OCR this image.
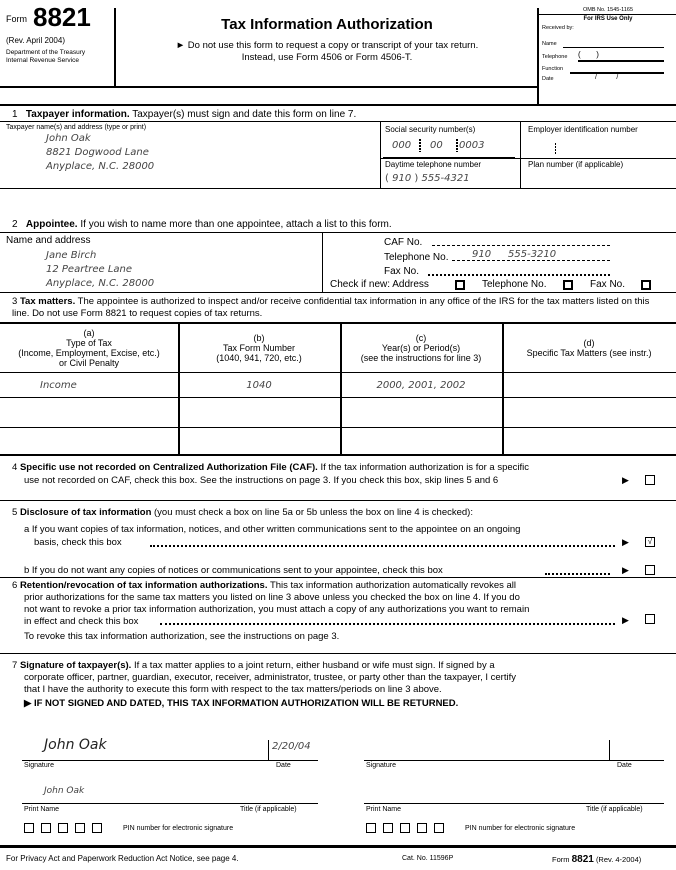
Form 8821
(Rev. April 2004)
Department of the Treasury
Internal Revenue Service
Tax Information Authorization
► Do not use this form to request a copy or transcript of your tax return.
Instead, use Form 4506 or Form 4506-T.
OMB No. 1545-1165
For IRS Use Only
Received by:
Name
Telephone (       )
Function
Date	/          /
1 Taxpayer information. Taxpayer(s) must sign and date this form on line 7.
Taxpayer name(s) and address (type or print)
John Oak
8821 Dogwood Lane
Anyplace, N.C. 28000
Social security number(s)
000 00 0003
Employer identification number
Daytime telephone number
( 910 ) 555-4321
Plan number (if applicable)
2 Appointee. If you wish to name more than one appointee, attach a list to this form.
Name and address
Jane Birch
12 Peartree Lane
Anyplace, N.C. 28000
CAF No.
Telephone No. 910 555-3210
Fax No.
Check if new: Address	Telephone No.	Fax No.
3 Tax matters. The appointee is authorized to inspect and/or receive confidential tax information in any office of the IRS for the tax matters listed on this line. Do not use Form 8821 to request copies of tax returns.
(a)
Type of Tax
(Income, Employment, Excise, etc.)
or Civil Penalty
(b)
Tax Form Number
(1040, 941, 720, etc.)
(c)
Year(s) or Period(s)
(see the instructions for line 3)
(d)
Specific Tax Matters (see instr.)
Income	1040	2000, 2001, 2002
4 Specific use not recorded on Centralized Authorization File (CAF). If the tax information authorization is for a specific
use not recorded on CAF, check this box. See the instructions on page 3. If you check this box, skip lines 5 and 6	▶
5 Disclosure of tax information (you must check a box on line 5a or 5b unless the box on line 4 is checked):
a If you want copies of tax information, notices, and other written communications sent to the appointee on an ongoing
basis, check this box	▶	√
b If you do not want any copies of notices or communications sent to your appointee, check this box	▶
6 Retention/revocation of tax information authorizations. This tax information authorization automatically revokes all
prior authorizations for the same tax matters you listed on line 3 above unless you checked the box on line 4. If you do
not want to revoke a prior tax information authorization, you must attach a copy of any authorizations you want to remain
in effect and check this box	▶
To revoke this tax information authorization, see the instructions on page 3.
7 Signature of taxpayer(s). If a tax matter applies to a joint return, either husband or wife must sign. If signed by a
corporate officer, partner, guardian, executor, receiver, administrator, trustee, or party other than the taxpayer, I certify
that I have the authority to execute this form with respect to the tax matters/periods on line 3 above.
▶ IF NOT SIGNED AND DATED, THIS TAX INFORMATION AUTHORIZATION WILL BE RETURNED.
John Oak	2/20/04
Signature	Date
John Oak
Print Name	Title (if applicable)
PIN number for electronic signature
Signature	Date
Print Name	Title (if applicable)
PIN number for electronic signature
For Privacy Act and Paperwork Reduction Act Notice, see page 4.	Cat. No. 11596P	Form 8821 (Rev. 4-2004)
